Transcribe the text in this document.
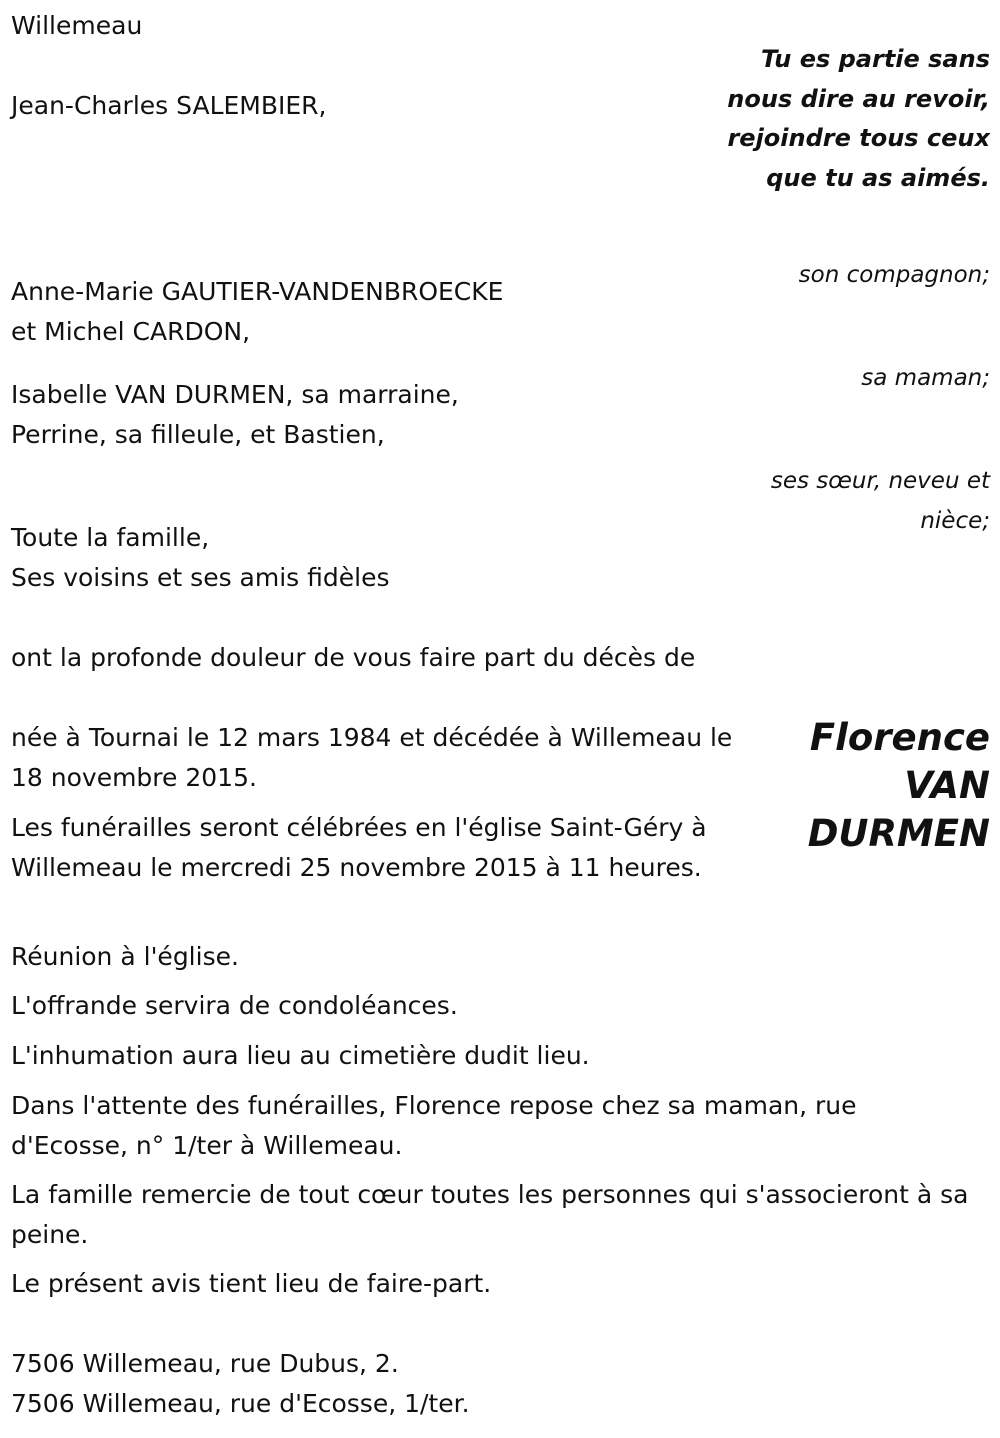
Willemeau

Tu es partie sans nous dire au revoir, rejoindre tous ceux que tu as aimés.

Jean-Charles SALEMBIER,

son compagnon;

Anne-Marie GAUTIER-VANDENBROECKE

et Michel CARDON,

sa maman;

Isabelle VAN DURMEN, sa marraine,

Perrine, sa filleule, et Bastien,

ses sœur, neveu et nièce;

Toute la famille,

Ses voisins et ses amis fidèles

ont la profonde douleur de vous faire part du décès de

Florence VAN DURMEN
née à Tournai le 12 mars 1984 et décédée à Willemeau le 18 novembre 2015.
Les funérailles seront célébrées en l'église Saint-Géry à Willemeau le mercredi 25 novembre 2015 à 11 heures.

Réunion à l'église.

L'offrande servira de condoléances.

L'inhumation aura lieu au cimetière dudit lieu.

Dans l'attente des funérailles, Florence repose chez sa maman, rue d'Ecosse, n° 1/ter à Willemeau.
La famille remercie de tout cœur toutes les personnes qui s'associeront à sa peine.

Le présent avis tient lieu de faire-part.

7506 Willemeau, rue Dubus, 2.

7506 Willemeau, rue d'Ecosse, 1/ter.
